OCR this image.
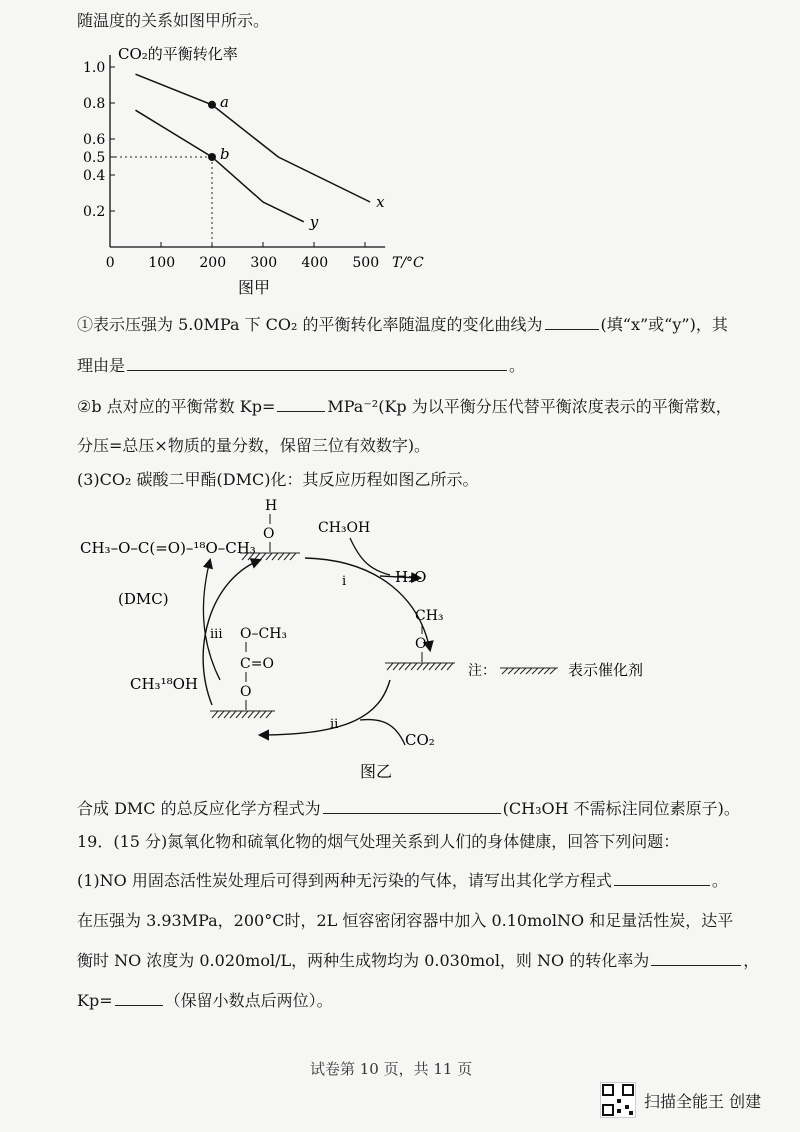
随温度的关系如图甲所示。
CO₂的平衡转化率
1.0
0.8
0.6
0.5
0.4
0.2
0 100 200 300 400 500 T/°C
x
y
a
b
图甲
①表示压强为 5.0MPa 下 CO₂ 的平衡转化率随温度的变化曲线为	(填“x”或“y”)，其
理由是	。
②b 点对应的平衡常数 Kp=	MPa⁻²(Kp 为以平衡分压代替平衡浓度表示的平衡常数，
分压=总压×物质的量分数，保留三位有效数字)。
(3)CO₂ 碳酸二甲酯(DMC)化：其反应历程如图乙所示。
CH₃–O–C(=O)–¹⁸O–CH₃
(DMC)
H
O	CH₃OH
i	H₂O
CH₃
O
注：	表示催化剂
ii
CO₂
O–CH₃
C=O
O
iii
CH₃¹⁸OH
图乙
合成 DMC 的总反应化学方程式为	(CH₃OH 不需标注同位素原子)。
19．(15 分)氮氧化物和硫氧化物的烟气处理关系到人们的身体健康，回答下列问题：
(1)NO 用固态活性炭处理后可得到两种无污染的气体，请写出其化学方程式	。
在压强为 3.93MPa，200°C时，2L 恒容密闭容器中加入 0.10molNO 和足量活性炭，达平
衡时 NO 浓度为 0.020mol/L，两种生成物均为 0.030mol，则 NO 的转化率为	，
Kp=	（保留小数点后两位）。
试卷第 10 页，共 11 页
扫描全能王 创建
